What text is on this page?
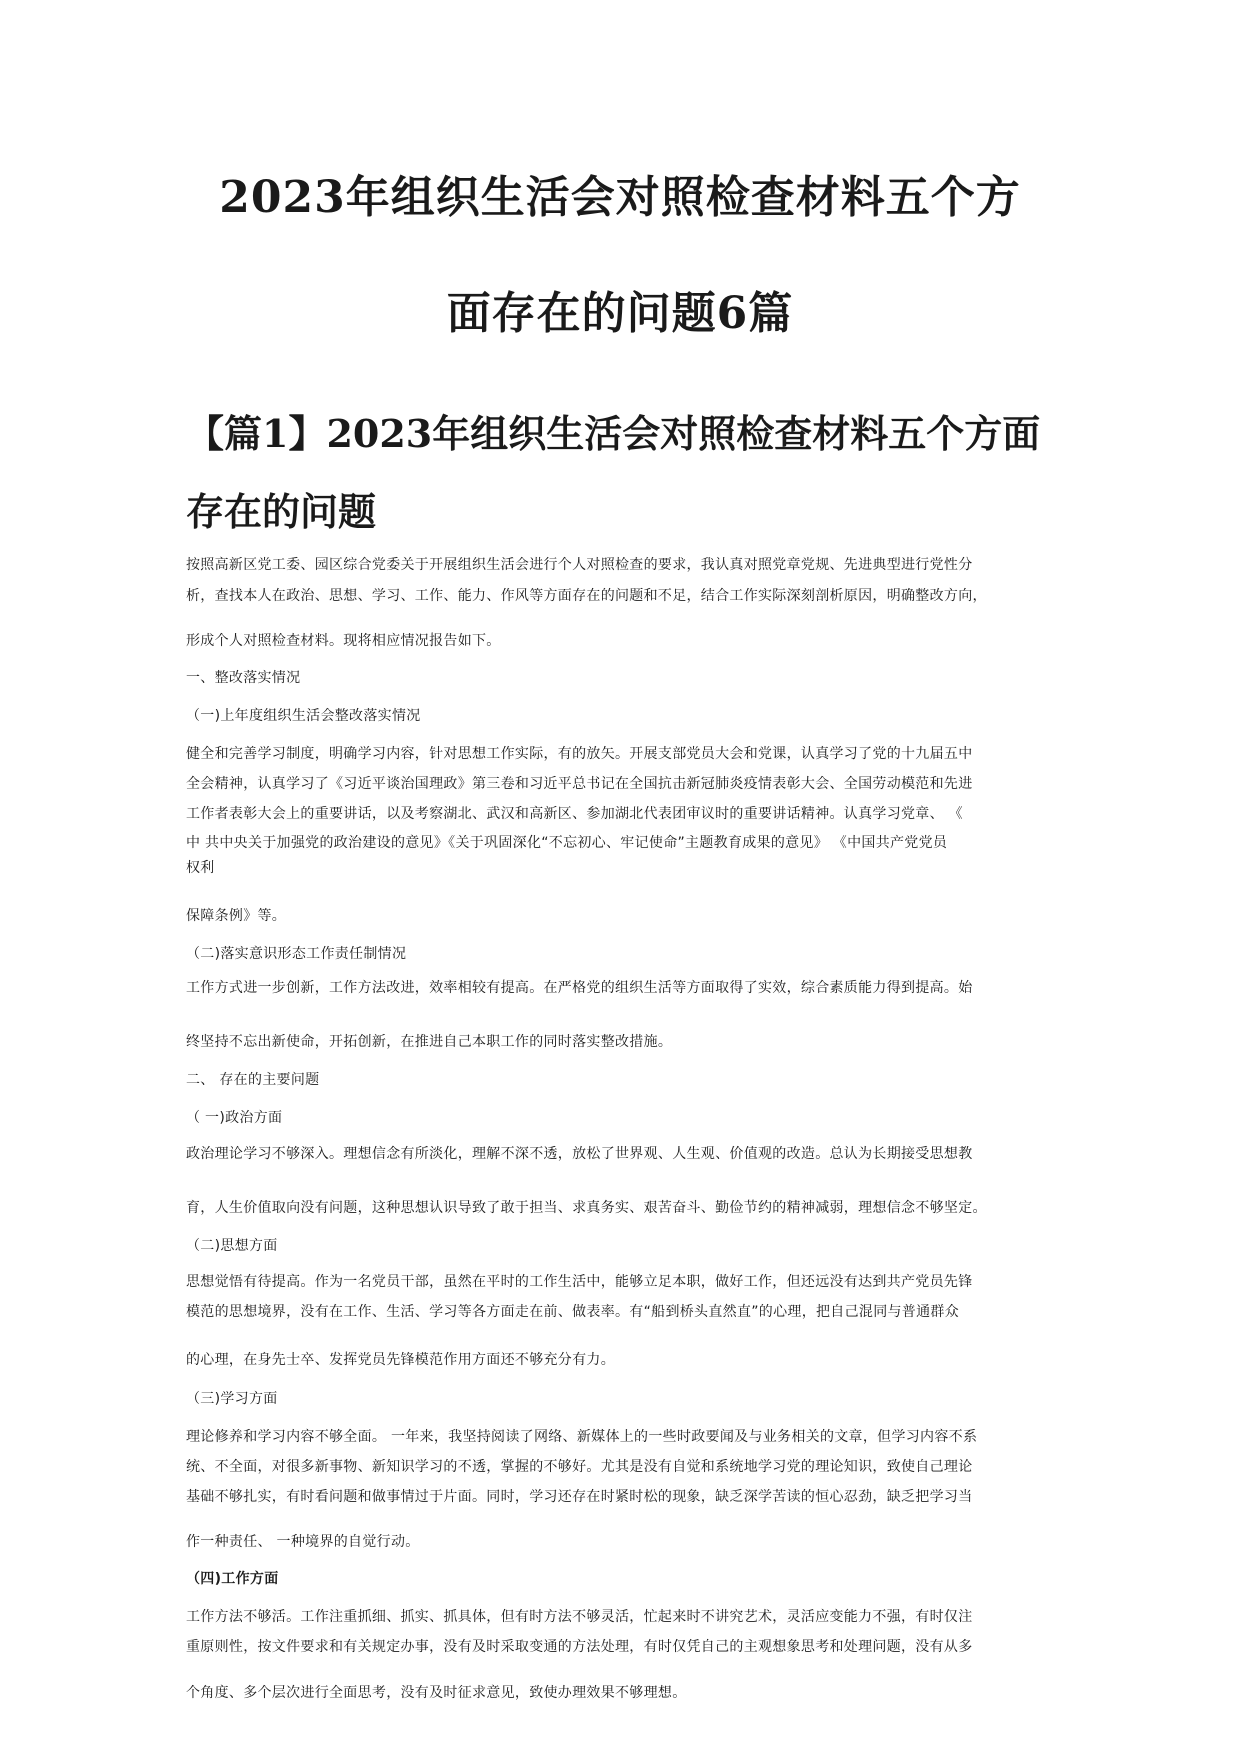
2023年组织生活会对照检查材料五个方
面存在的问题6篇
【篇1】2023年组织生活会对照检查材料五个方面
存在的问题
按照高新区党工委、园区综合党委关于开展组织生活会进行个人对照检查的要求，我认真对照党章党规、先进典型进行党性分
析，查找本人在政治、思想、学习、工作、能力、作风等方面存在的问题和不足，结合工作实际深刻剖析原因，明确整改方向，
形成个人对照检查材料。现将相应情况报告如下。
一、整改落实情况
（一)上年度组织生活会整改落实情况
健全和完善学习制度，明确学习内容，针对思想工作实际，有的放矢。开展支部党员大会和党课，认真学习了党的十九届五中
全会精神，认真学习了《习近平谈治国理政》第三卷和习近平总书记在全国抗击新冠肺炎疫情表彰大会、全国劳动模范和先进
工作者表彰大会上的重要讲话，以及考察湖北、武汉和高新区、参加湖北代表团审议时的重要讲话精神。认真学习党章、 《
中 共中央关于加强党的政治建设的意见》《关于巩固深化“不忘初心、牢记使命”主题教育成果的意见》 《中国共产党党员
权利
保障条例》等。
（二)落实意识形态工作责任制情况
工作方式进一步创新，工作方法改进，效率相较有提高。在严格党的组织生活等方面取得了实效，综合素质能力得到提高。始
终坚持不忘出新使命，开拓创新，在推进自己本职工作的同时落实整改措施。
二、 存在的主要问题
（ 一)政治方面
政治理论学习不够深入。理想信念有所淡化，理解不深不透，放松了世界观、人生观、价值观的改造。总认为长期接受思想教
育，人生价值取向没有问题，这种思想认识导致了敢于担当、求真务实、艰苦奋斗、勤俭节约的精神减弱，理想信念不够坚定。
（二)思想方面
思想觉悟有待提高。作为一名党员干部，虽然在平时的工作生活中，能够立足本职，做好工作，但还远没有达到共产党员先锋
模范的思想境界，没有在工作、生活、学习等各方面走在前、做表率。有“船到桥头直然直”的心理，把自己混同与普通群众
的心理，在身先士卒、发挥党员先锋模范作用方面还不够充分有力。
（三)学习方面
理论修养和学习内容不够全面。 一年来，我坚持阅读了网络、新媒体上的一些时政要闻及与业务相关的文章，但学习内容不系
统、不全面，对很多新事物、新知识学习的不透，掌握的不够好。尤其是没有自觉和系统地学习党的理论知识，致使自己理论
基础不够扎实，有时看问题和做事情过于片面。同时，学习还存在时紧时松的现象，缺乏深学苦读的恒心忍劲，缺乏把学习当
作一种责任、 一种境界的自觉行动。
（四)工作方面
工作方法不够活。工作注重抓细、抓实、抓具体，但有时方法不够灵活，忙起来时不讲究艺术，灵活应变能力不强，有时仅注
重原则性，按文件要求和有关规定办事，没有及时采取变通的方法处理，有时仅凭自己的主观想象思考和处理问题，没有从多
个角度、多个层次进行全面思考，没有及时征求意见，致使办理效果不够理想。
